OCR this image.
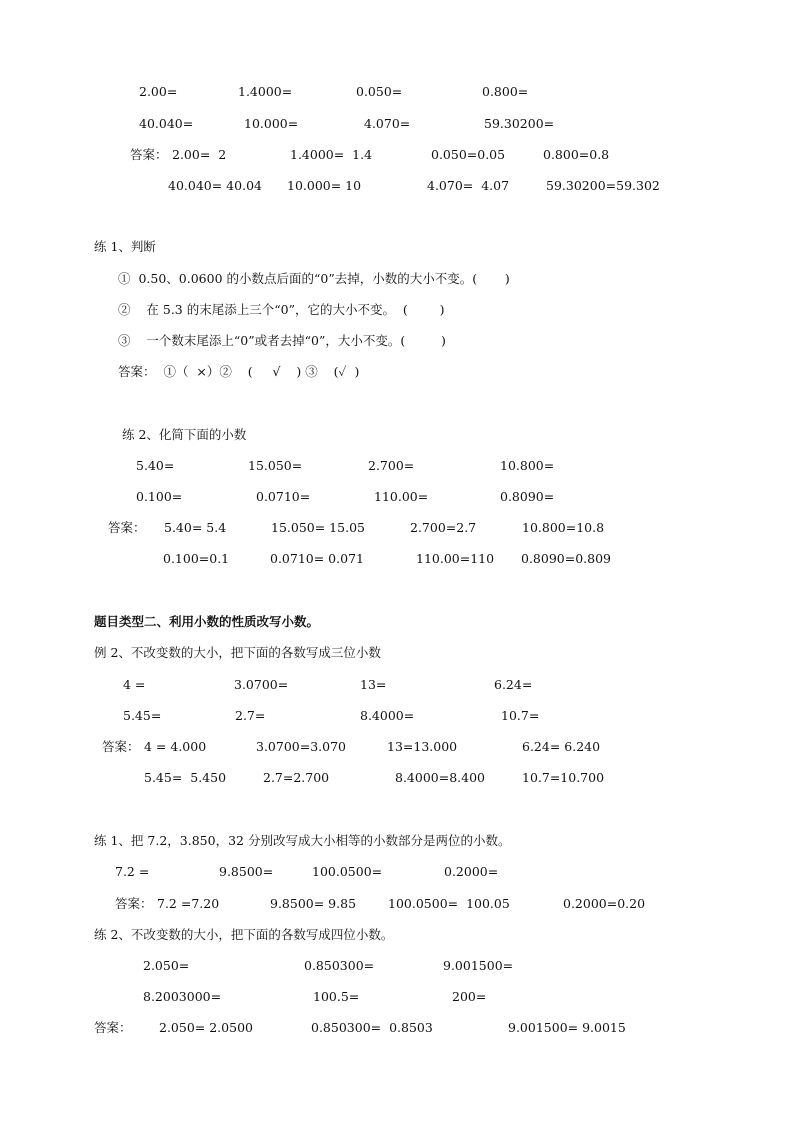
2.00=	1.4000=	0.050=	0.800=
40.040=	10.000=	4.070=	59.30200=
答案： 2.00=  2	1.4000=  1.4	0.050=0.05	0.800=0.8
40.040= 40.04 10.000= 10	4.070=  4.07	59.30200=59.302
练 1、判断
①  0.50、0.0600 的小数点后面的“0”去掉，小数的大小不变。(       )
②    在 5.3 的末尾添上三个“0”，它的大小不变。  (        )
③    一个数末尾添上“0”或者去掉“0”，大小不变。(         )
答案：  ①（  ×）②    (     √    ) ③    (✓  )
练 2、化简下面的小数
5.40=	15.050=	2.700=	10.800=
0.100=	0.0710=	110.00=	0.8090=
答案： 5.40= 5.4	15.050= 15.05	2.700=2.7	10.800=10.8
0.100=0.1	0.0710= 0.071	110.00=110 0.8090=0.809
题目类型二、利用小数的性质改写小数。
例 2、不改变数的大小，把下面的各数写成三位小数
4 =	3.0700=	13=	6.24=
5.45=	2.7=	8.4000=	10.7=
答案： 4 = 4.000	3.0700=3.070	13=13.000	6.24= 6.240
5.45=  5.450	2.7=2.700	8.4000=8.400	10.7=10.700
练 1、把 7.2，3.850，32 分别改写成大小相等的小数部分是两位的小数。
7.2 =	9.8500=	100.0500=	0.2000=
答案： 7.2 =7.20	9.8500= 9.85	100.0500=  100.05	0.2000=0.20
练 2、不改变数的大小，把下面的各数写成四位小数。
2.050=	0.850300=	9.001500=
8.2003000=	100.5=	200=
答案： 2.050= 2.0500	0.850300=  0.8503	9.001500= 9.0015
